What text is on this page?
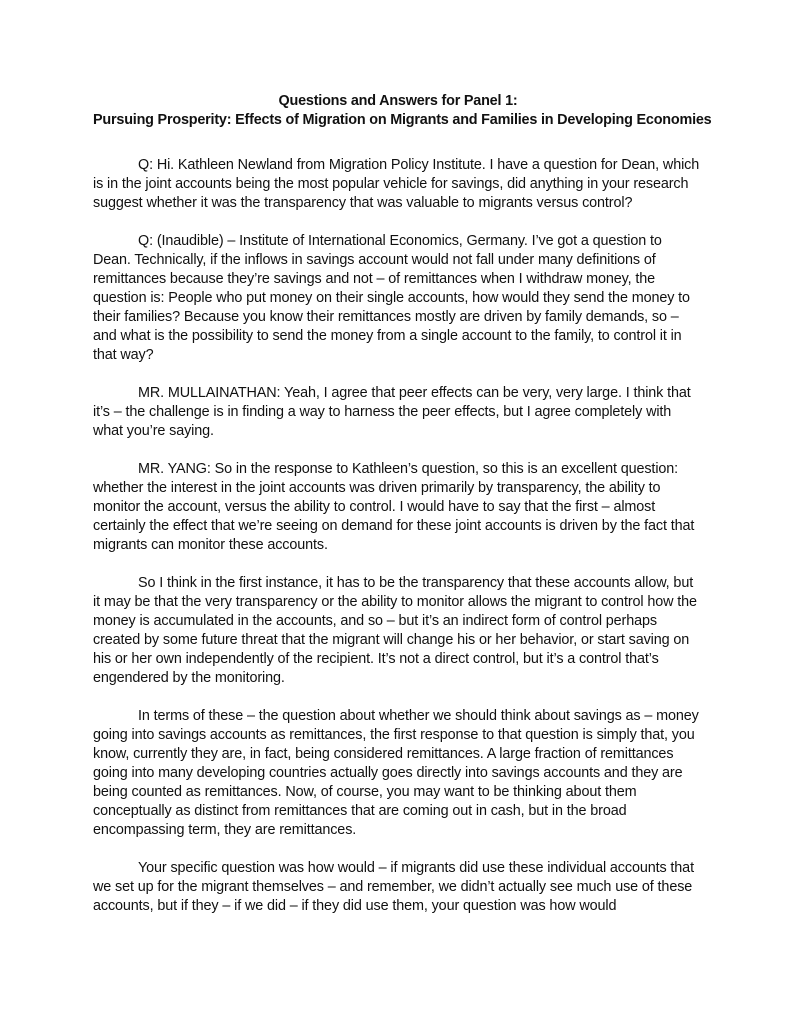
Questions and Answers for Panel 1:
Pursuing Prosperity: Effects of Migration on Migrants and Families in Developing Economies

Q: Hi. Kathleen Newland from Migration Policy Institute. I have a question for Dean, which is in the joint accounts being the most popular vehicle for savings, did anything in your research suggest whether it was the transparency that was valuable to migrants versus control?

Q: (Inaudible) – Institute of International Economics, Germany. I’ve got a question to Dean. Technically, if the inflows in savings account would not fall under many definitions of remittances because they’re savings and not – of remittances when I withdraw money, the question is: People who put money on their single accounts, how would they send the money to their families? Because you know their remittances mostly are driven by family demands, so – and what is the possibility to send the money from a single account to the family, to control it in that way?

MR. MULLAINATHAN: Yeah, I agree that peer effects can be very, very large. I think that it’s – the challenge is in finding a way to harness the peer effects, but I agree completely with what you’re saying.

MR. YANG: So in the response to Kathleen’s question, so this is an excellent question: whether the interest in the joint accounts was driven primarily by transparency, the ability to monitor the account, versus the ability to control. I would have to say that the first – almost certainly the effect that we’re seeing on demand for these joint accounts is driven by the fact that migrants can monitor these accounts.

So I think in the first instance, it has to be the transparency that these accounts allow, but it may be that the very transparency or the ability to monitor allows the migrant to control how the money is accumulated in the accounts, and so – but it’s an indirect form of control perhaps created by some future threat that the migrant will change his or her behavior, or start saving on his or her own independently of the recipient. It’s not a direct control, but it’s a control that’s engendered by the monitoring.

In terms of these – the question about whether we should think about savings as – money going into savings accounts as remittances, the first response to that question is simply that, you know, currently they are, in fact, being considered remittances. A large fraction of remittances going into many developing countries actually goes directly into savings accounts and they are being counted as remittances. Now, of course, you may want to be thinking about them conceptually as distinct from remittances that are coming out in cash, but in the broad encompassing term, they are remittances.

Your specific question was how would – if migrants did use these individual accounts that we set up for the migrant themselves – and remember, we didn’t actually see much use of these accounts, but if they – if we did – if they did use them, your question was how would
